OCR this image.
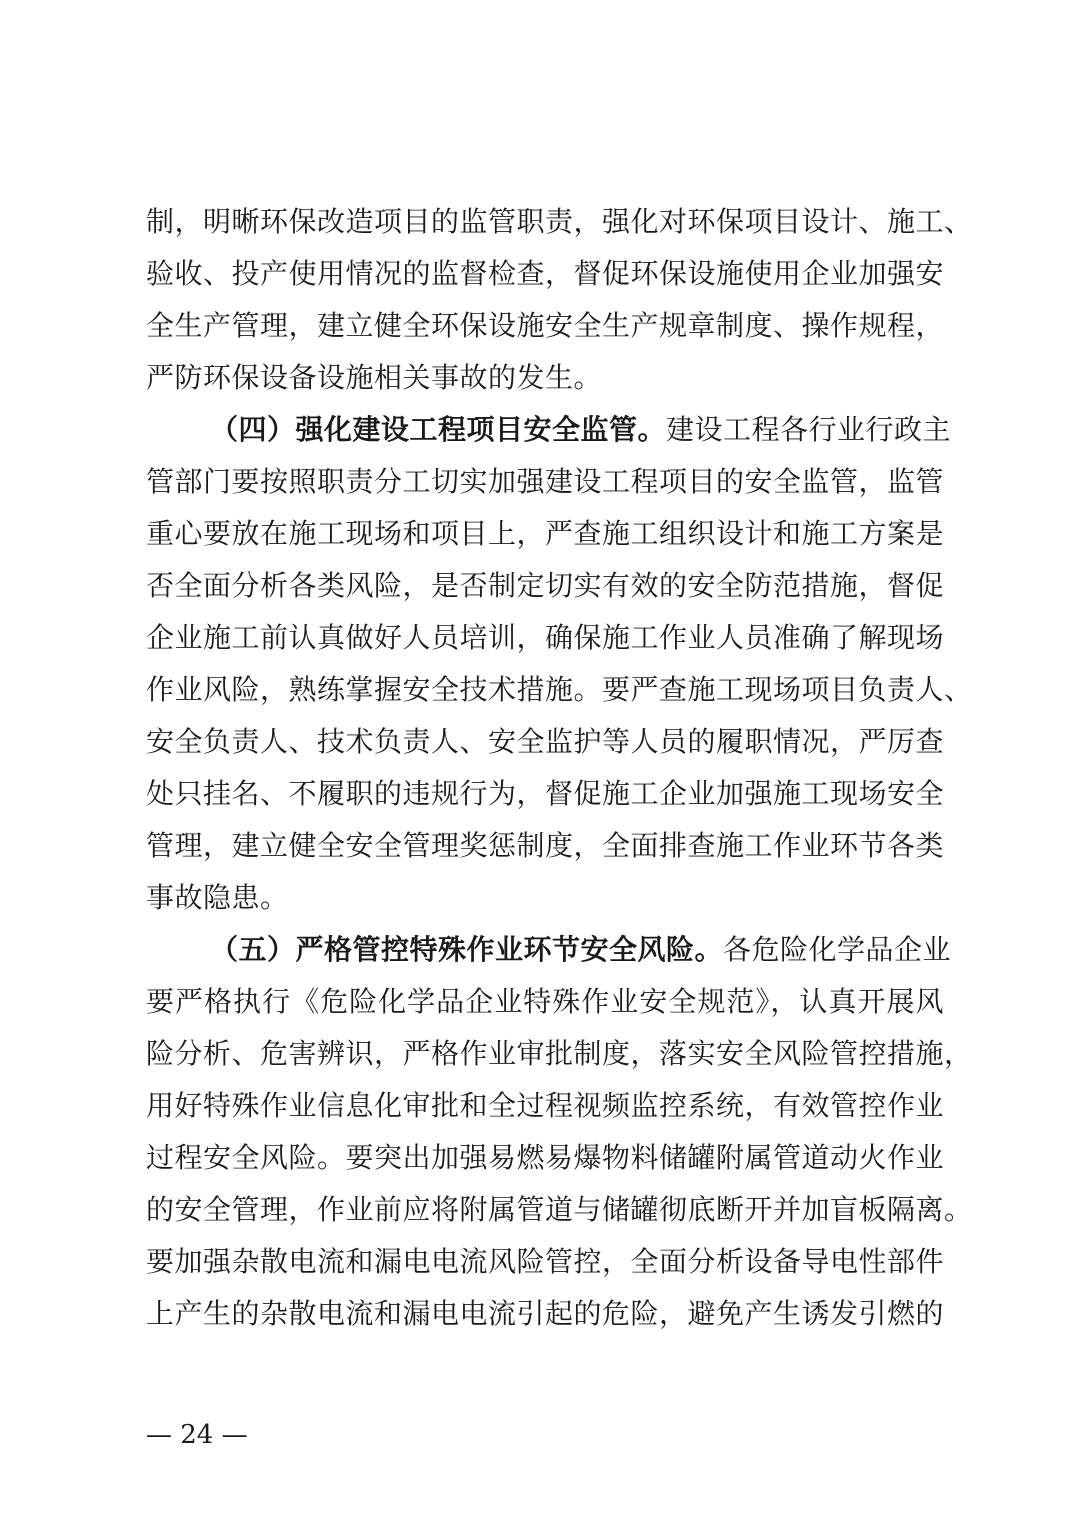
制，明晰环保改造项目的监管职责，强化对环保项目设计、施工、
验收、投产使用情况的监督检查，督促环保设施使用企业加强安
全生产管理，建立健全环保设施安全生产规章制度、操作规程，
严防环保设备设施相关事故的发生。
（四）强化建设工程项目安全监管。建设工程各行业行政主
管部门要按照职责分工切实加强建设工程项目的安全监管，监管
重心要放在施工现场和项目上，严查施工组织设计和施工方案是
否全面分析各类风险，是否制定切实有效的安全防范措施，督促
企业施工前认真做好人员培训，确保施工作业人员准确了解现场
作业风险，熟练掌握安全技术措施。要严查施工现场项目负责人、
安全负责人、技术负责人、安全监护等人员的履职情况，严厉查
处只挂名、不履职的违规行为，督促施工企业加强施工现场安全
管理，建立健全安全管理奖惩制度，全面排查施工作业环节各类
事故隐患。
（五）严格管控特殊作业环节安全风险。各危险化学品企业
要严格执行《危险化学品企业特殊作业安全规范》，认真开展风
险分析、危害辨识，严格作业审批制度，落实安全风险管控措施，
用好特殊作业信息化审批和全过程视频监控系统，有效管控作业
过程安全风险。要突出加强易燃易爆物料储罐附属管道动火作业
的安全管理，作业前应将附属管道与储罐彻底断开并加盲板隔离。
要加强杂散电流和漏电电流风险管控，全面分析设备导电性部件
上产生的杂散电流和漏电电流引起的危险，避免产生诱发引燃的
— 24 —
